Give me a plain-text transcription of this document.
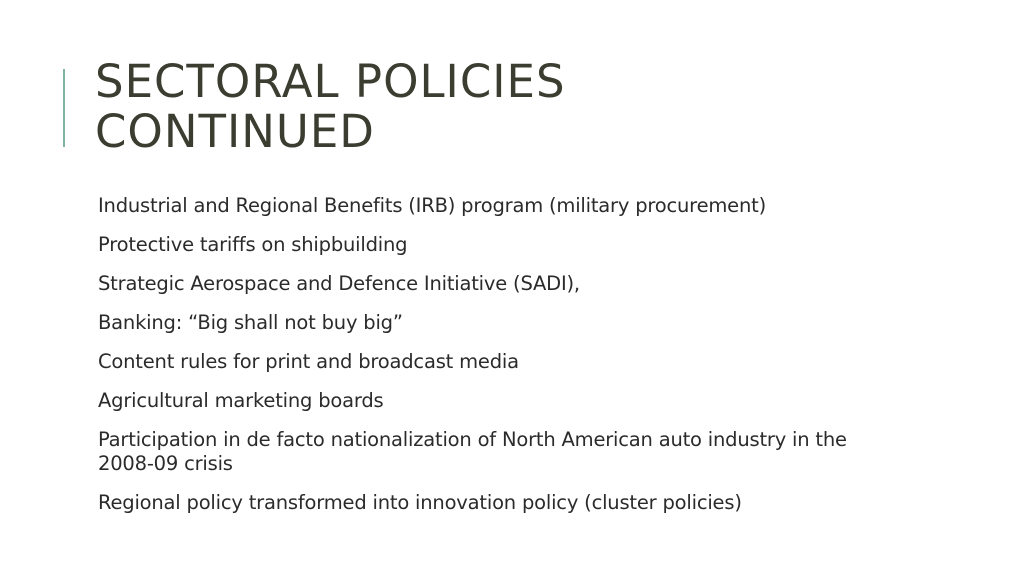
SECTORAL POLICIES
CONTINUED
Industrial and Regional Benefits (IRB) program (military procurement)
Protective tariffs on shipbuilding
Strategic Aerospace and Defence Initiative (SADI),
Banking: “Big shall not buy big”
Content rules for print and broadcast media
Agricultural marketing boards
Participation in de facto nationalization of North American auto industry in the 2008-09 crisis
Regional policy transformed into innovation policy (cluster policies)
